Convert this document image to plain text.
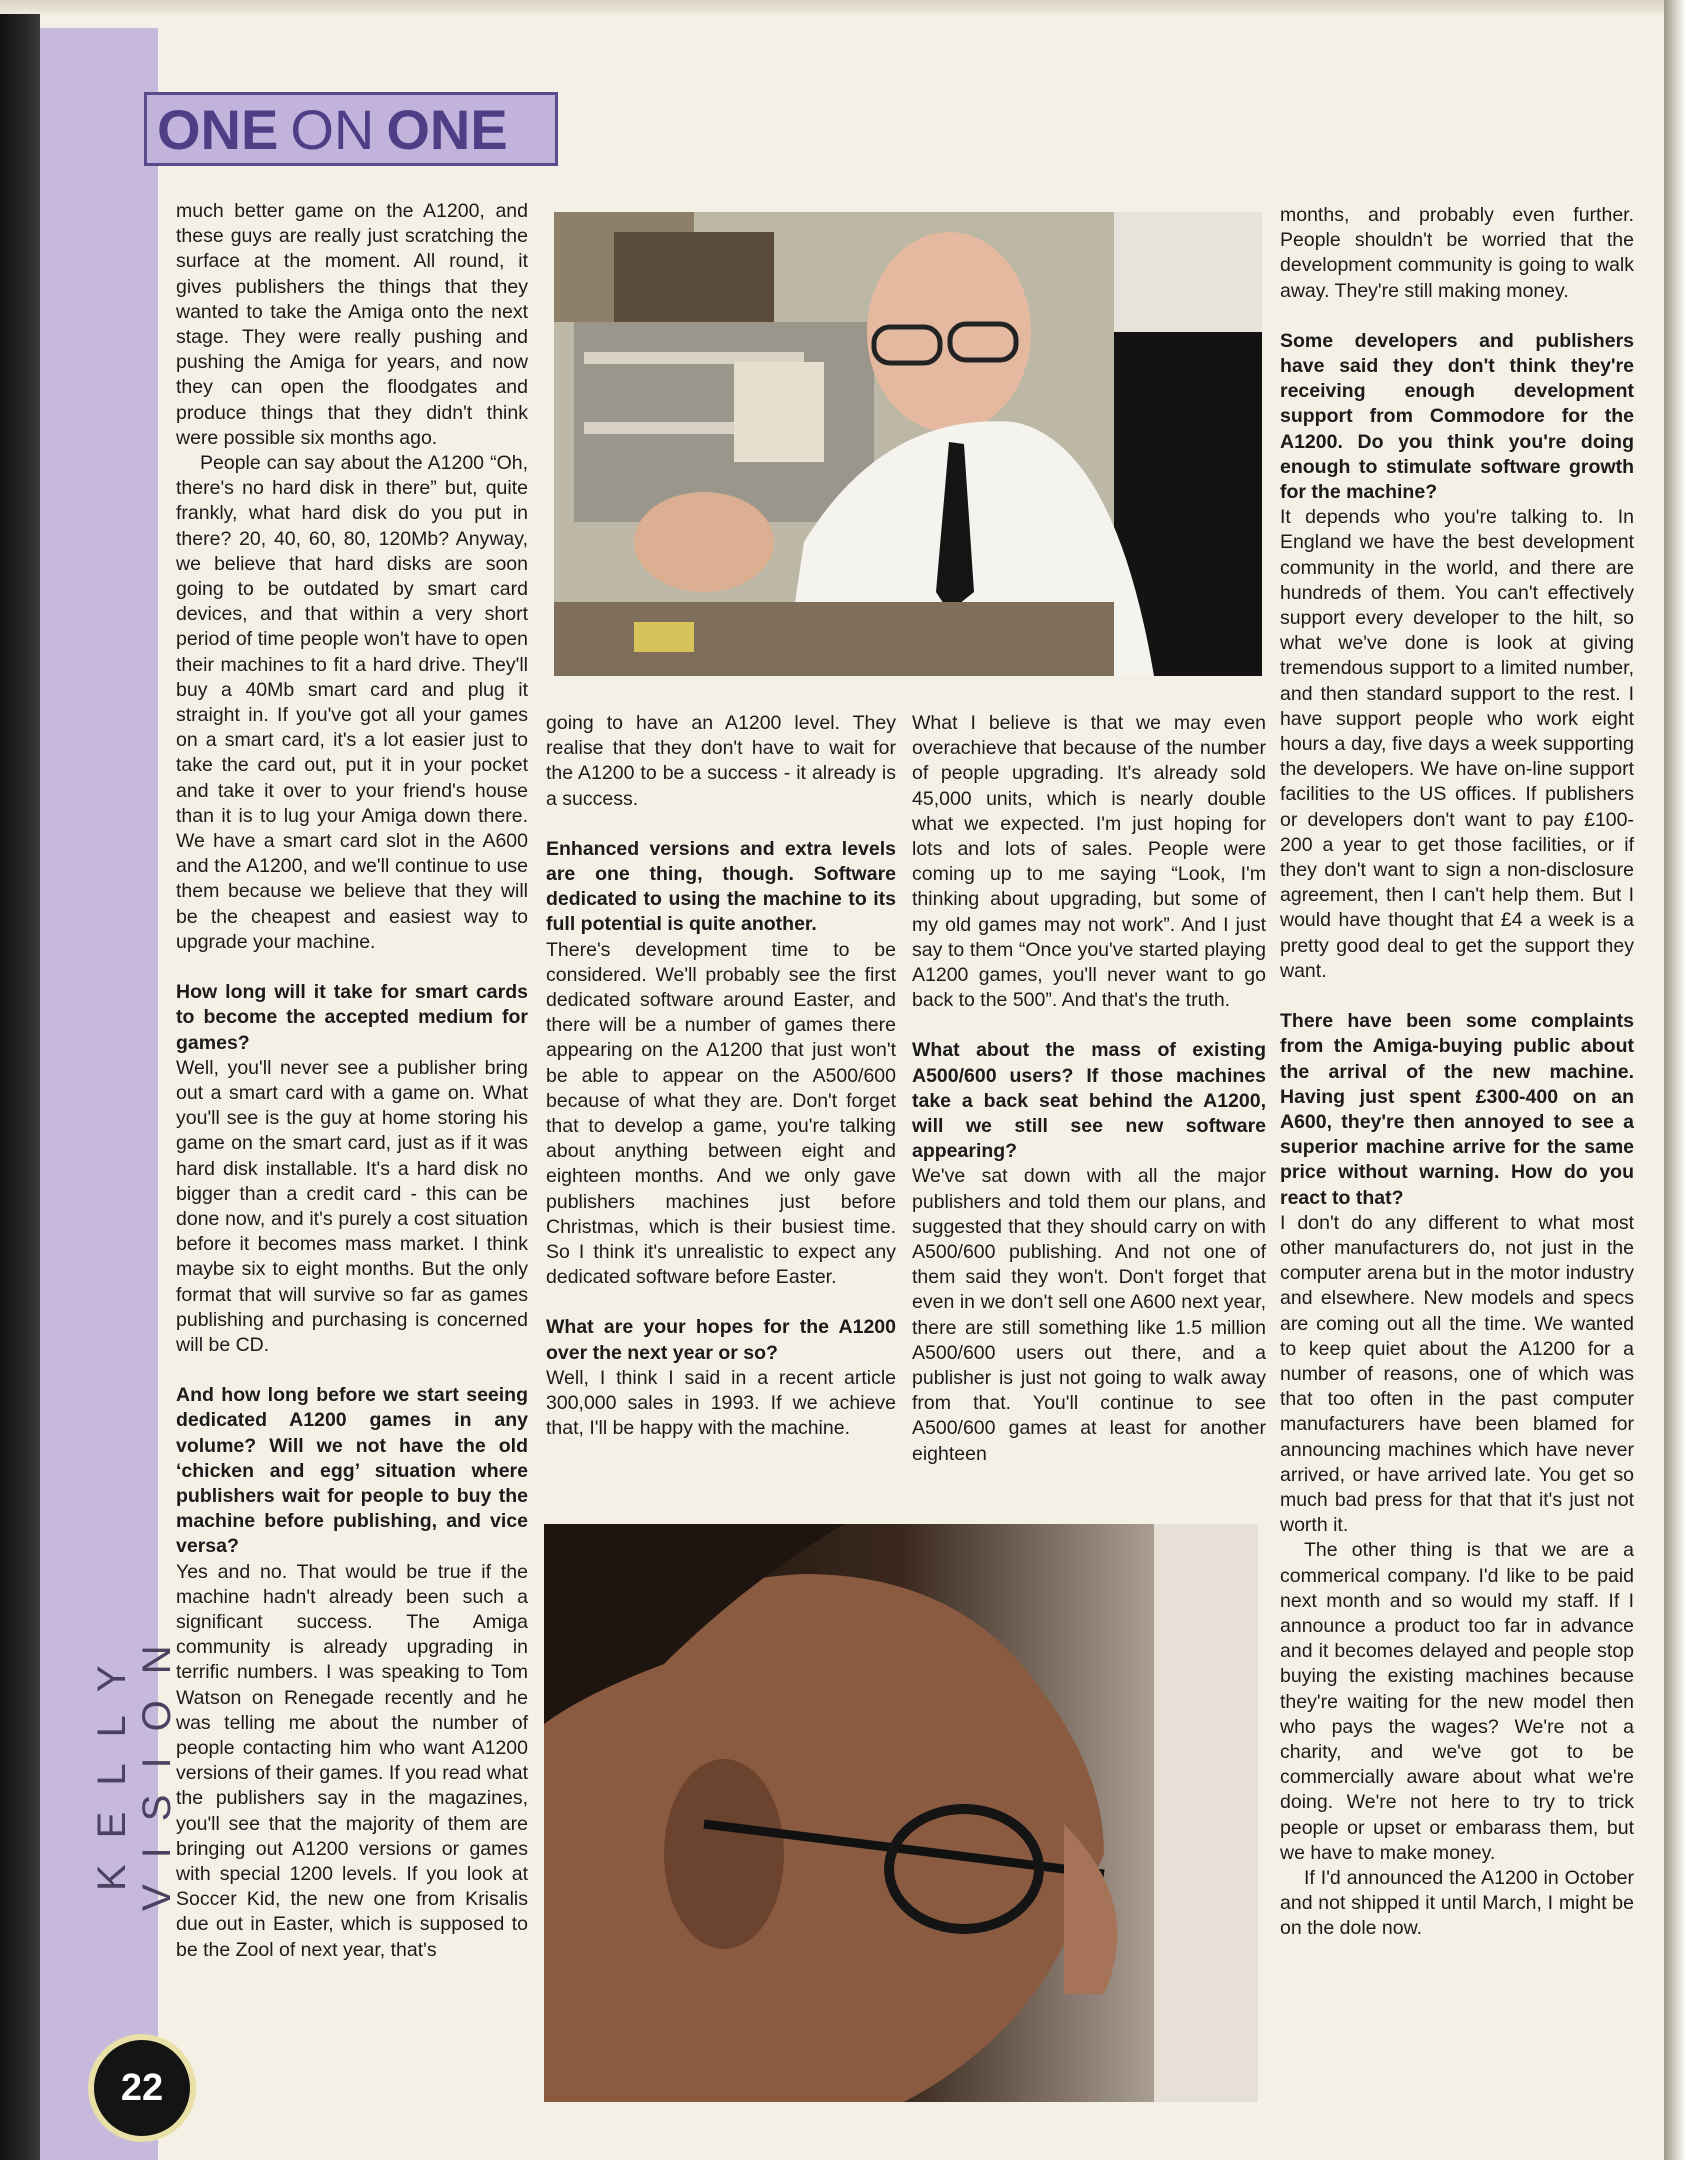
KELLY VISION
22
ONE ON ONE

much better game on the A1200, and these guys are really just scratching the surface at the moment. All round, it gives publishers the things that they wanted to take the Amiga onto the next stage. They were really pushing and pushing the Amiga for years, and now they can open the floodgates and produce things that they didn't think were possible six months ago.

People can say about the A1200 “Oh, there's no hard disk in there” but, quite frankly, what hard disk do you put in there? 20, 40, 60, 80, 120Mb? Anyway, we believe that hard disks are soon going to be outdated by smart card devices, and that within a very short period of time people won't have to open their machines to fit a hard drive. They'll buy a 40Mb smart card and plug it straight in. If you've got all your games on a smart card, it's a lot easier just to take the card out, put it in your pocket and take it over to your friend's house than it is to lug your Amiga down there. We have a smart card slot in the A600 and the A1200, and we'll continue to use them because we believe that they will be the cheapest and easiest way to upgrade your machine.

How long will it take for smart cards to become the accepted medium for games?

Well, you'll never see a publisher bring out a smart card with a game on. What you'll see is the guy at home storing his game on the smart card, just as if it was hard disk installable. It's a hard disk no bigger than a credit card - this can be done now, and it's purely a cost situation before it becomes mass market. I think maybe six to eight months. But the only format that will survive so far as games publishing and purchasing is concerned will be CD.

And how long before we start seeing dedicated A1200 games in any volume? Will we not have the old ‘chicken and egg’ situation where publishers wait for people to buy the machine before publishing, and vice versa?

Yes and no. That would be true if the machine hadn't already been such a significant success. The Amiga community is already upgrading in terrific numbers. I was speaking to Tom Watson on Renegade recently and he was telling me about the number of people contacting him who want A1200 versions of their games. If you read what the publishers say in the magazines, you'll see that the majority of them are bringing out A1200 versions or games with special 1200 levels. If you look at Soccer Kid, the new one from Krisalis due out in Easter, which is supposed to be the Zool of next year, that's

going to have an A1200 level. They realise that they don't have to wait for the A1200 to be a success - it already is a success.

Enhanced versions and extra levels are one thing, though. Software dedicated to using the machine to its full potential is quite another.

There's development time to be considered. We'll probably see the first dedicated software around Easter, and there will be a number of games there appearing on the A1200 that just won't be able to appear on the A500/600 because of what they are. Don't forget that to develop a game, you're talking about anything between eight and eighteen months. And we only gave publishers machines just before Christmas, which is their busiest time. So I think it's unrealistic to expect any dedicated software before Easter.

What are your hopes for the A1200 over the next year or so?

Well, I think I said in a recent article 300,000 sales in 1993. If we achieve that, I'll be happy with the machine.

What I believe is that we may even overachieve that because of the number of people upgrading. It's already sold 45,000 units, which is nearly double what we expected. I'm just hoping for lots and lots of sales. People were coming up to me saying “Look, I'm thinking about upgrading, but some of my old games may not work”. And I just say to them “Once you've started playing A1200 games, you'll never want to go back to the 500”. And that's the truth.

What about the mass of existing A500/600 users? If those machines take a back seat behind the A1200, will we still see new software appearing?

We've sat down with all the major publishers and told them our plans, and suggested that they should carry on with A500/600 publishing. And not one of them said they won't. Don't forget that even in we don't sell one A600 next year, there are still something like 1.5 million A500/600 users out there, and a publisher is just not going to walk away from that. You'll continue to see A500/600 games at least for another eighteen

months, and probably even further. People shouldn't be worried that the development community is going to walk away. They're still making money.

Some developers and publishers have said they don't think they're receiving enough development support from Commodore for the A1200. Do you think you're doing enough to stimulate software growth for the machine?

It depends who you're talking to. In England we have the best development community in the world, and there are hundreds of them. You can't effectively support every developer to the hilt, so what we've done is look at giving tremendous support to a limited number, and then standard support to the rest. I have support people who work eight hours a day, five days a week supporting the developers. We have on-line support facilities to the US offices. If publishers or developers don't want to pay £100-200 a year to get those facilities, or if they don't want to sign a non-disclosure agreement, then I can't help them. But I would have thought that £4 a week is a pretty good deal to get the support they want.

There have been some complaints from the Amiga-buying public about the arrival of the new machine. Having just spent £300-400 on an A600, they're then annoyed to see a superior machine arrive for the same price without warning. How do you react to that?

I don't do any different to what most other manufacturers do, not just in the computer arena but in the motor industry and elsewhere. New models and specs are coming out all the time. We wanted to keep quiet about the A1200 for a number of reasons, one of which was that too often in the past computer manufacturers have been blamed for announcing machines which have never arrived, or have arrived late. You get so much bad press for that that it's just not worth it.

The other thing is that we are a commerical company. I'd like to be paid next month and so would my staff. If I announce a product too far in advance and it becomes delayed and people stop buying the existing machines because they're waiting for the new model then who pays the wages? We're not a charity, and we've got to be commercially aware about what we're doing. We're not here to try to trick people or upset or embarass them, but we have to make money.

If I'd announced the A1200 in October and not shipped it until March, I might be on the dole now.
